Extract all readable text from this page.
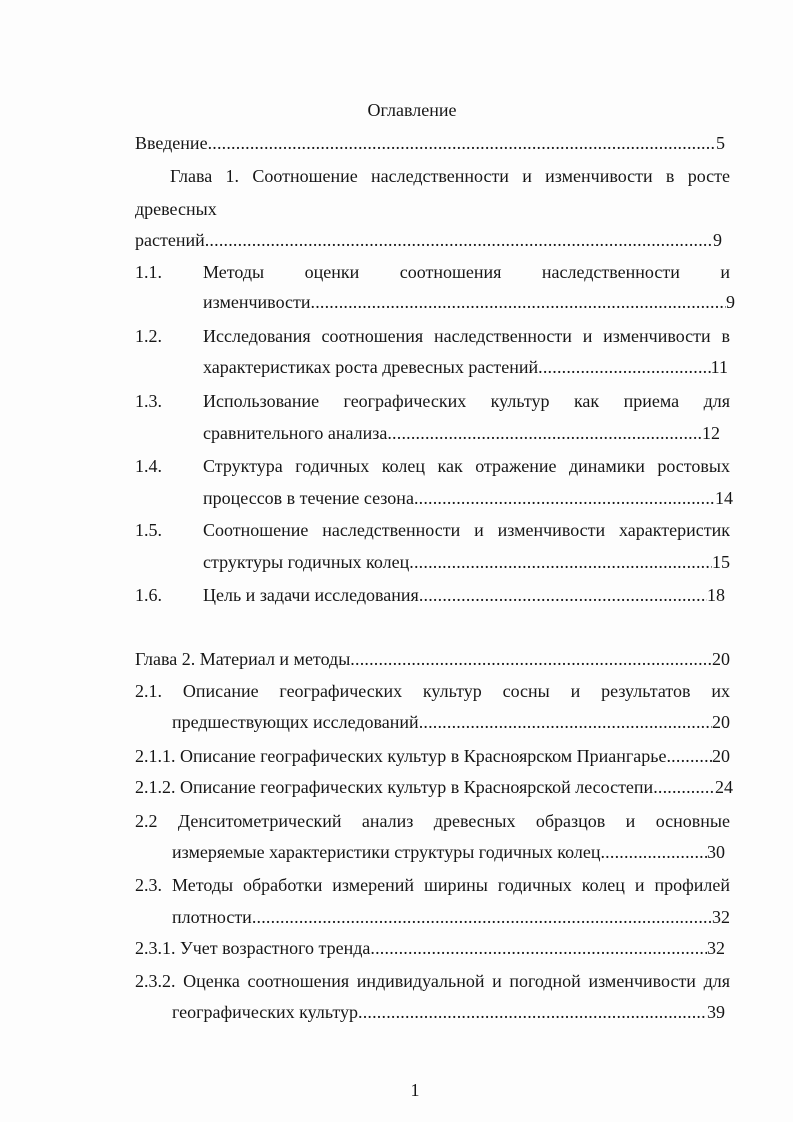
Оглавление
Введение .....	5
Глава 1. Соотношение наследственности и изменчивости в росте
древесных
растений .....	9
1.1. Методы оценки соотношения наследственности и
изменчивости .....	9
1.2. Исследования соотношения наследственности и изменчивости в
характеристиках роста древесных растений .....	11
1.3. Использование географических культур как приема для
сравнительного анализа .....	12
1.4. Структура годичных колец как отражение динамики ростовых
процессов в течение сезона .....	14
1.5. Соотношение наследственности и изменчивости характеристик
структуры годичных колец .....	15
1.6. Цель и задачи исследования .....	18
Глава 2. Материал и методы .....	20
2.1. Описание географических культур сосны и результатов их
предшествующих исследований .....	20
2.1.1. Описание географических культур в Красноярском Приангарье .....	20
2.1.2. Описание географических культур в Красноярской лесостепи .....	24
2.2 Денситометрический анализ древесных образцов и основные
измеряемые характеристики структуры годичных колец .....	30
2.3. Методы обработки измерений ширины годичных колец и профилей
плотности .....	32
2.3.1. Учет возрастного тренда .....	32
2.3.2. Оценка соотношения индивидуальной и погодной изменчивости для
географических культур .....	39
1
